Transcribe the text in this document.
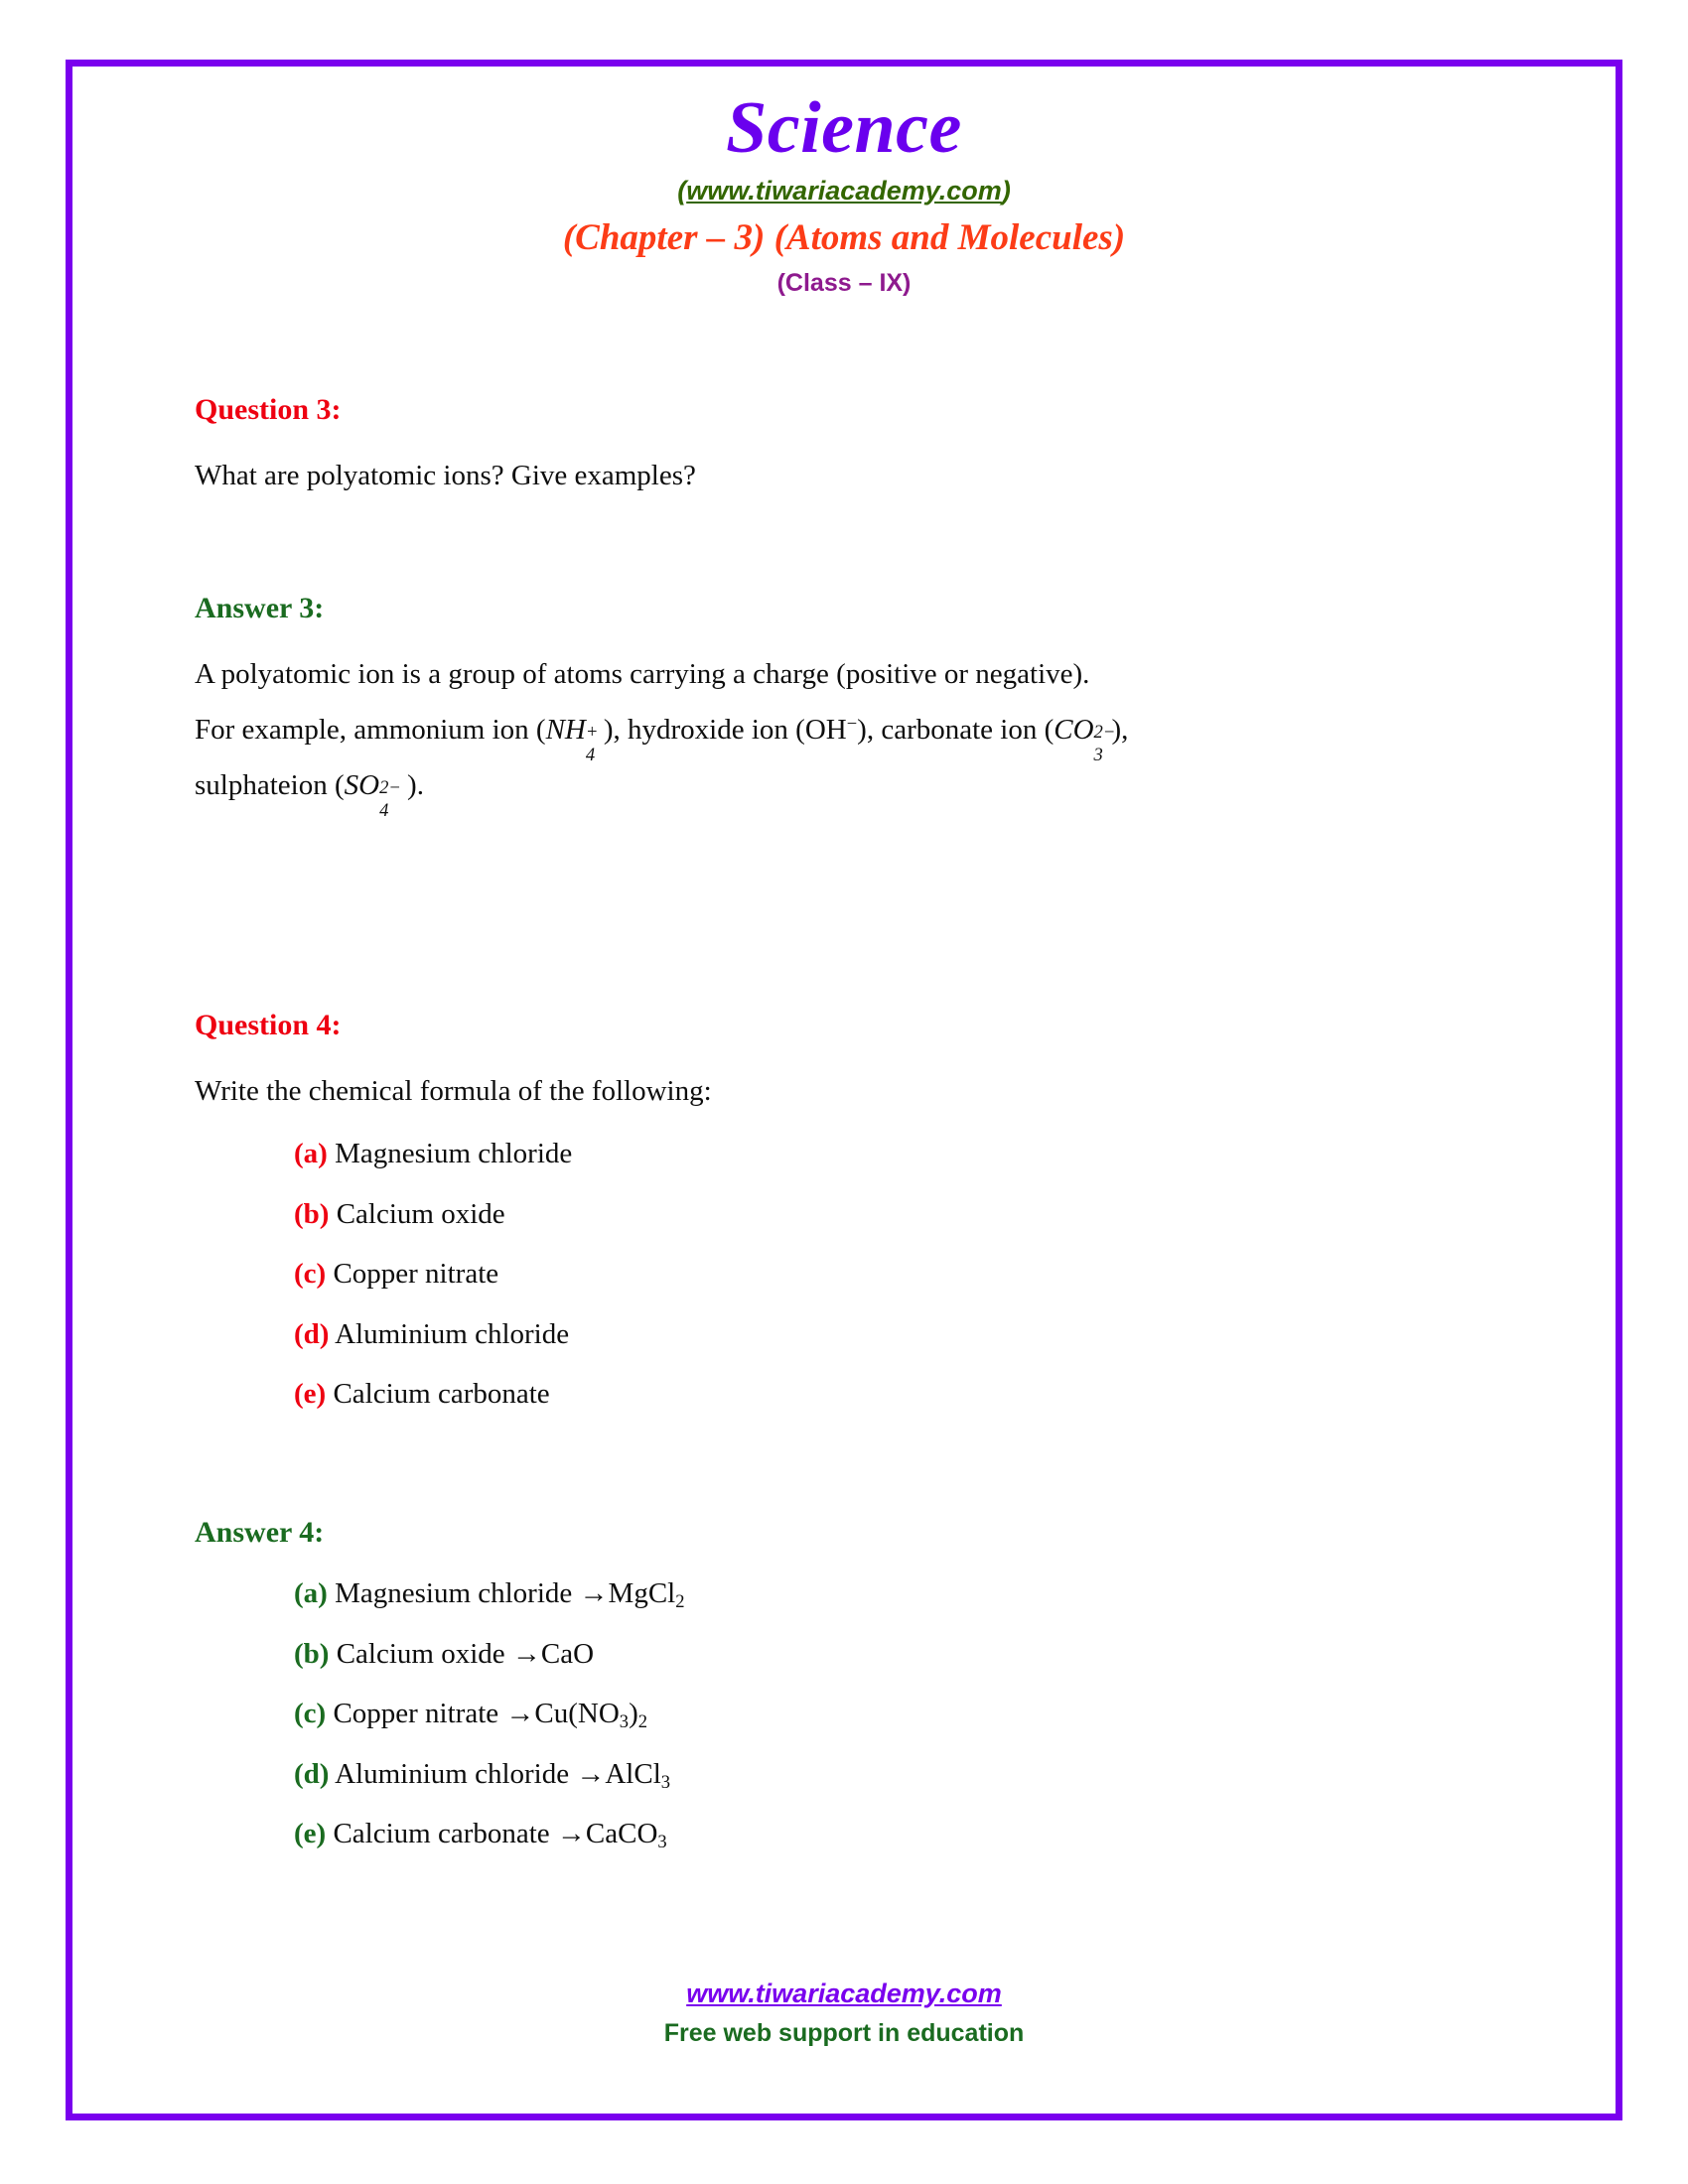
Science
(www.tiwariacademy.com)
(Chapter – 3) (Atoms and Molecules)
(Class – IX)
Question 3:

What are polyatomic ions? Give examples?

Answer 3:

A polyatomic ion is a group of atoms carrying a charge (positive or negative).

For example, ammonium ion (NH +
4
), hydroxide ion (OH−), carbonate ion (CO 2−
3
),

sulphateion (SO 2−
4
).

Question 4:

Write the chemical formula of the following:

(a) Magnesium chloride
(b) Calcium oxide
(c) Copper nitrate
(d) Aluminium chloride
(e) Calcium carbonate
Answer 4:
(a) Magnesium chloride →MgCl$_2$
(b) Calcium oxide →CaO
(c) Copper nitrate $\to Cu(NO_3)_2$
(d) Aluminium chloride →AlCl$_3$
(e) Calcium carbonate →CaCO$_3$
www.tiwariacademy.com
Free web support in education
